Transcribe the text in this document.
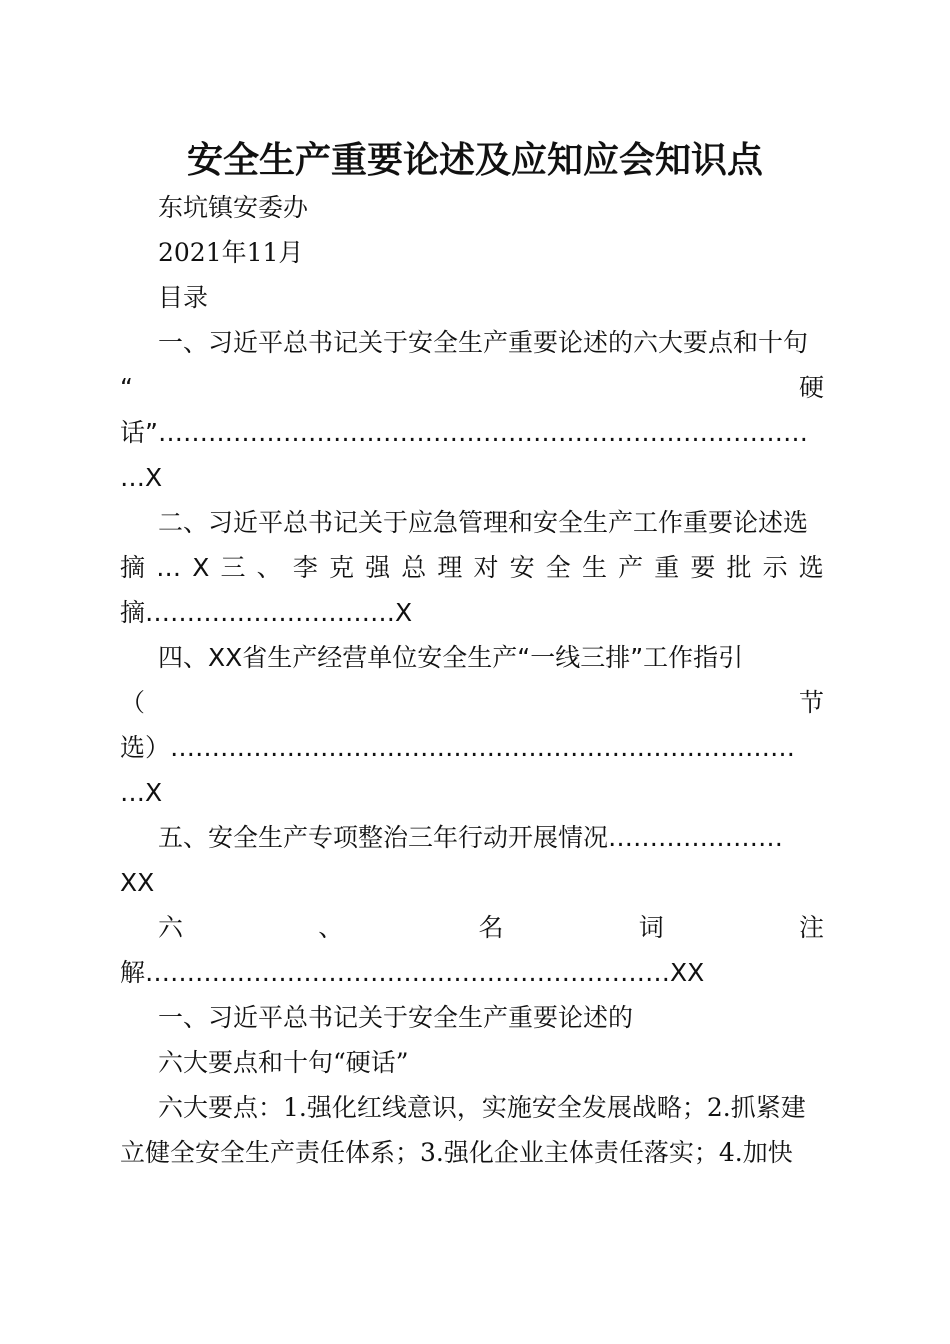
安全生产重要论述及应知应会知识点
东坑镇安委办
2021年11月
目录
一、习近平总书记关于安全生产重要论述的六大要点和十句
“	硬
话”……………………………………………………………………
…X
二、习近平总书记关于应急管理和安全生产工作重要论述选
摘 … X 三 、 李 克 强 总 理 对 安 全 生 产 重 要 批 示 选
摘…………………………X
四、XX省生产经营单位安全生产“一线三排”工作指引
（	节
选）…………………………………………………………………
…X
五、安全生产专项整治三年行动开展情况…………………
XX
六	、	名	词	注
解………………………………………………………XX
一、习近平总书记关于安全生产重要论述的
六大要点和十句“硬话”
六大要点：1.强化红线意识，实施安全发展战略；2.抓紧建
立健全安全生产责任体系；3.强化企业主体责任落实；4.加快
